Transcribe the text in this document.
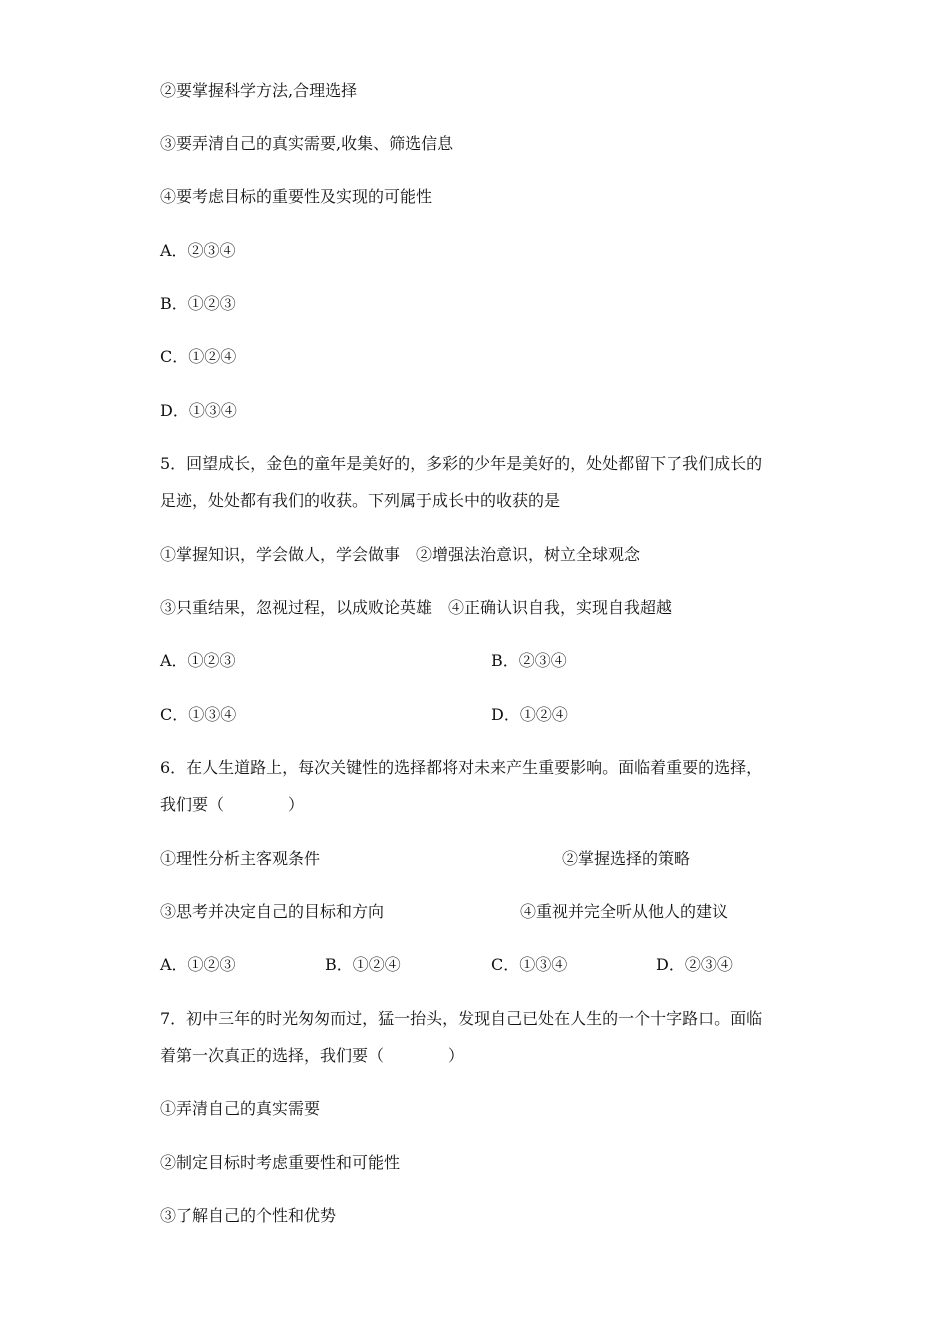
②要掌握科学方法,合理选择
③要弄清自己的真实需要,收集、筛选信息
④要考虑目标的重要性及实现的可能性
A．②③④
B．①②③
C．①②④
D．①③④
5．回望成长，金色的童年是美好的，多彩的少年是美好的，处处都留下了我们成长的
足迹，处处都有我们的收获。下列属于成长中的收获的是
①掌握知识，学会做人，学会做事　②增强法治意识，树立全球观念
③只重结果，忽视过程，以成败论英雄　④正确认识自我，实现自我超越
A．①②③	B．②③④
C．①③④	D．①②④
6．在人生道路上，每次关键性的选择都将对未来产生重要影响。面临着重要的选择，
我们要（　　　　）
①理性分析主客观条件	②掌握选择的策略
③思考并决定自己的目标和方向	④重视并完全听从他人的建议
A．①②③	B．①②④	C．①③④	D．②③④
7．初中三年的时光匆匆而过，猛一抬头，发现自己已处在人生的一个十字路口。面临
着第一次真正的选择，我们要（　　　　）
①弄清自己的真实需要
②制定目标时考虑重要性和可能性
③了解自己的个性和优势
